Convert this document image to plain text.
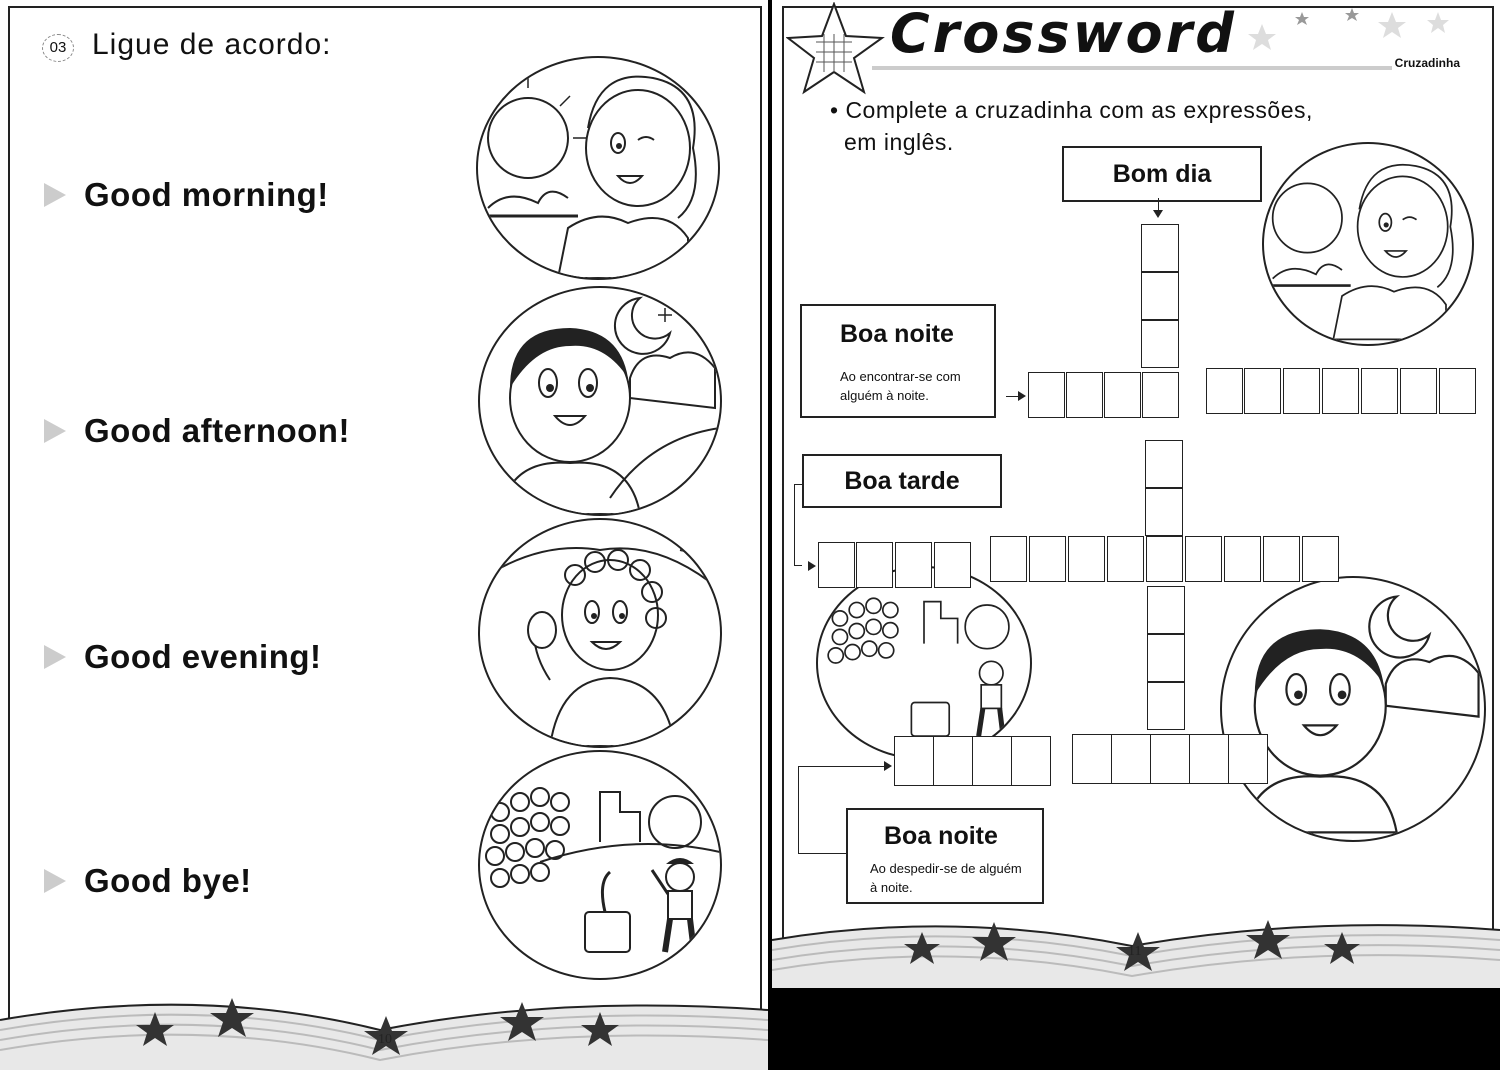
03 Ligue de acordo:
Good morning!
Good afternoon!
Good evening!
Good bye!
10
Crossword	Cruzadinha
• Complete a cruzadinha com as expressões,
em inglês.
Bom dia
Boa noite
Ao encontrar-se com
alguém à noite.
Boa tarde
Boa noite
Ao despedir-se de alguém
à noite.
11
